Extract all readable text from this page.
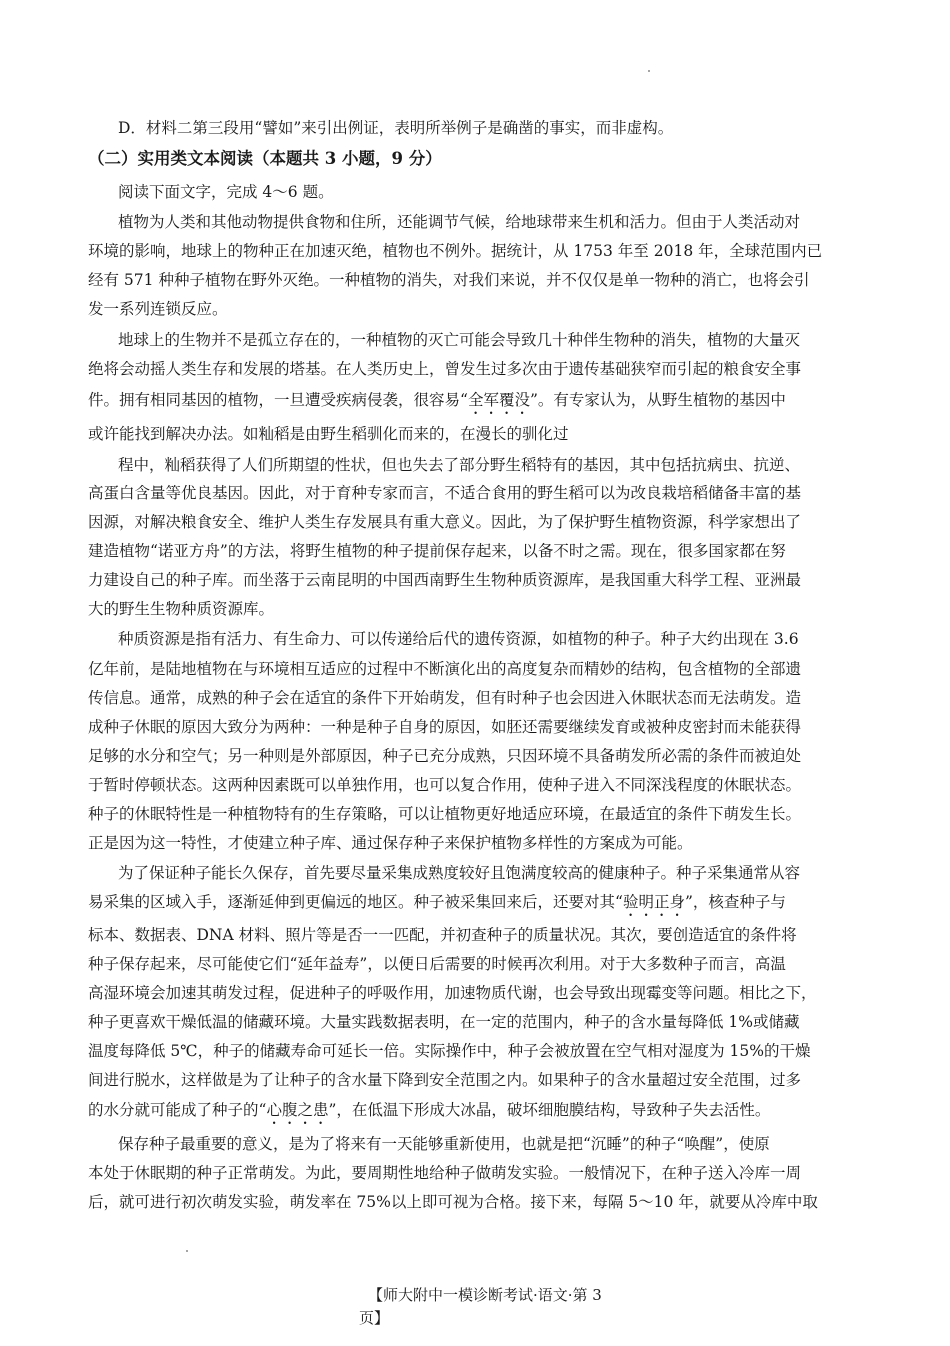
D．材料二第三段用“譬如”来引出例证，表明所举例子是确凿的事实，而非虚构。
（二）实用类文本阅读（本题共 3 小题，9 分）
阅读下面文字，完成 4～6 题。
植物为人类和其他动物提供食物和住所，还能调节气候，给地球带来生机和活力。但由于人类活动对
环境的影响，地球上的物种正在加速灭绝，植物也不例外。据统计，从 1753 年至 2018 年，全球范围内已
经有 571 种种子植物在野外灭绝。一种植物的消失，对我们来说，并不仅仅是单一物种的消亡，也将会引
发一系列连锁反应。
地球上的生物并不是孤立存在的，一种植物的灭亡可能会导致几十种伴生物种的消失，植物的大量灭
绝将会动摇人类生存和发展的塔基。在人类历史上，曾发生过多次由于遗传基础狭窄而引起的粮食安全事
件。拥有相同基因的植物，一旦遭受疾病侵袭，很容易“全军覆没”。有专家认为，从野生植物的基因中
或许能找到解决办法。如籼稻是由野生稻驯化而来的，在漫长的驯化过
程中，籼稻获得了人们所期望的性状，但也失去了部分野生稻特有的基因，其中包括抗病虫、抗逆、
高蛋白含量等优良基因。因此，对于育种专家而言，不适合食用的野生稻可以为改良栽培稻储备丰富的基
因源，对解决粮食安全、维护人类生存发展具有重大意义。因此，为了保护野生植物资源，科学家想出了
建造植物“诺亚方舟”的方法，将野生植物的种子提前保存起来，以备不时之需。现在，很多国家都在努
力建设自己的种子库。而坐落于云南昆明的中国西南野生生物种质资源库，是我国重大科学工程、亚洲最
大的野生生物种质资源库。
种质资源是指有活力、有生命力、可以传递给后代的遗传资源，如植物的种子。种子大约出现在 3.6
亿年前，是陆地植物在与环境相互适应的过程中不断演化出的高度复杂而精妙的结构，包含植物的全部遗
传信息。通常，成熟的种子会在适宜的条件下开始萌发，但有时种子也会因进入休眠状态而无法萌发。造
成种子休眠的原因大致分为两种：一种是种子自身的原因，如胚还需要继续发育或被种皮密封而未能获得
足够的水分和空气；另一种则是外部原因，种子已充分成熟，只因环境不具备萌发所必需的条件而被迫处
于暂时停顿状态。这两种因素既可以单独作用，也可以复合作用，使种子进入不同深浅程度的休眠状态。
种子的休眠特性是一种植物特有的生存策略，可以让植物更好地适应环境，在最适宜的条件下萌发生长。
正是因为这一特性，才使建立种子库、通过保存种子来保护植物多样性的方案成为可能。
为了保证种子能长久保存，首先要尽量采集成熟度较好且饱满度较高的健康种子。种子采集通常从容
易采集的区域入手，逐渐延伸到更偏远的地区。种子被采集回来后，还要对其“验明正身”，核查种子与
标本、数据表、DNA 材料、照片等是否一一匹配，并初查种子的质量状况。其次，要创造适宜的条件将
种子保存起来，尽可能使它们“延年益寿”，以便日后需要的时候再次利用。对于大多数种子而言，高温
高湿环境会加速其萌发过程，促进种子的呼吸作用，加速物质代谢，也会导致出现霉变等问题。相比之下，
种子更喜欢干燥低温的储藏环境。大量实践数据表明，在一定的范围内，种子的含水量每降低 1%或储藏
温度每降低 5℃，种子的储藏寿命可延长一倍。实际操作中，种子会被放置在空气相对湿度为 15%的干燥
间进行脱水，这样做是为了让种子的含水量下降到安全范围之内。如果种子的含水量超过安全范围，过多
的水分就可能成了种子的“心腹之患”，在低温下形成大冰晶，破坏细胞膜结构，导致种子失去活性。
保存种子最重要的意义，是为了将来有一天能够重新使用，也就是把“沉睡”的种子“唤醒”，使原
本处于休眠期的种子正常萌发。为此，要周期性地给种子做萌发实验。一般情况下，在种子送入冷库一周
后，就可进行初次萌发实验，萌发率在 75%以上即可视为合格。接下来，每隔 5～10 年，就要从冷库中取
【师大附中一模诊断考试·语文·第 3
页】
